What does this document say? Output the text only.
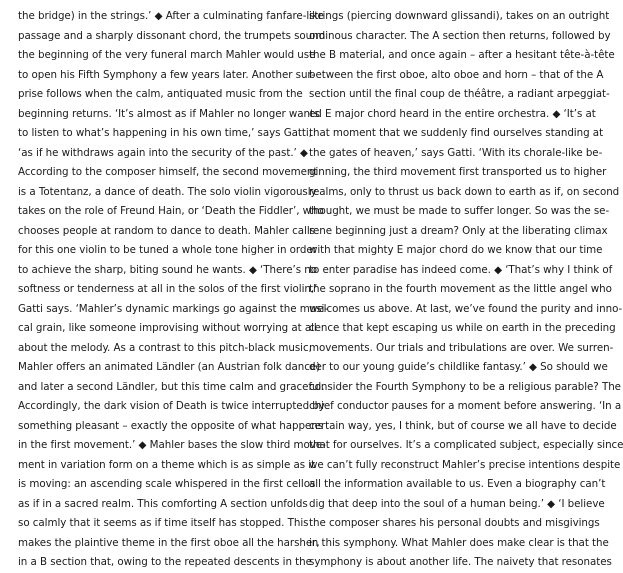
the bridge) in the strings.’ ◆ After a culminating fanfare-like
passage and a sharply dissonant chord, the trumpets sound
the beginning of the very funeral march Mahler would use
to open his Fifth Symphony a few years later. Another sur-
prise follows when the calm, antiquated music from the
beginning returns. ‘It’s almost as if Mahler no longer wants
to listen to what’s happening in his own time,’ says Gatti,
‘as if he withdraws again into the security of the past.’ ◆
According to the composer himself, the second movement
is a Totentanz, a dance of death. The solo violin vigorously
takes on the role of Freund Hain, or ‘Death the Fiddler’, who
chooses people at random to dance to death. Mahler calls
for this one violin to be tuned a whole tone higher in order
to achieve the sharp, biting sound he wants. ◆ ‘There’s no
softness or tenderness at all in the solos of the first violin,’
Gatti says. ‘Mahler’s dynamic markings go against the musi-
cal grain, like someone improvising without worrying at all
about the melody. As a contrast to this pitch-black music,
Mahler offers an animated Ländler (an Austrian folk dance)
and later a second Ländler, but this time calm and graceful.
Accordingly, the dark vision of Death is twice interrupted by
something pleasant – exactly the opposite of what happens
in the first movement.’ ◆ Mahler bases the slow third move-
ment in variation form on a theme which is as simple as it
is moving: an ascending scale whispered in the first cellos
as if in a sacred realm. This comforting A section unfolds
so calmly that it seems as if time itself has stopped. This
makes the plaintive theme in the first oboe all the harsher,
in a B section that, owing to the repeated descents in the
strings (piercing downward glissandi), takes on an outright
ominous character. The A section then returns, followed by
the B material, and once again – after a hesitant tête-à-tête
between the first oboe, alto oboe and horn – that of the A
section until the final coup de théâtre, a radiant arpeggiat-
ed E major chord heard in the entire orchestra. ◆ ‘It’s at
that moment that we suddenly find ourselves standing at
the gates of heaven,’ says Gatti. ‘With its chorale-like be-
ginning, the third movement first transported us to higher
realms, only to thrust us back down to earth as if, on second
thought, we must be made to suffer longer. So was the se-
rene beginning just a dream? Only at the liberating climax
with that mighty E major chord do we know that our time
to enter paradise has indeed come. ◆ ‘That’s why I think of
the soprano in the fourth movement as the little angel who
welcomes us above. At last, we’ve found the purity and inno-
cence that kept escaping us while on earth in the preceding
movements. Our trials and tribulations are over. We surren-
der to our young guide’s childlike fantasy.’ ◆ So should we
consider the Fourth Symphony to be a religious parable? The
chief conductor pauses for a moment before answering. ‘In a
certain way, yes, I think, but of course we all have to decide
that for ourselves. It’s a complicated subject, especially since
we can’t fully reconstruct Mahler’s precise intentions despite
all the information available to us. Even a biography can’t
dig that deep into the soul of a human being.’ ◆ ‘I believe
the composer shares his personal doubts and misgivings
in this symphony. What Mahler does make clear is that the
symphony is about another life. The naivety that resonates
